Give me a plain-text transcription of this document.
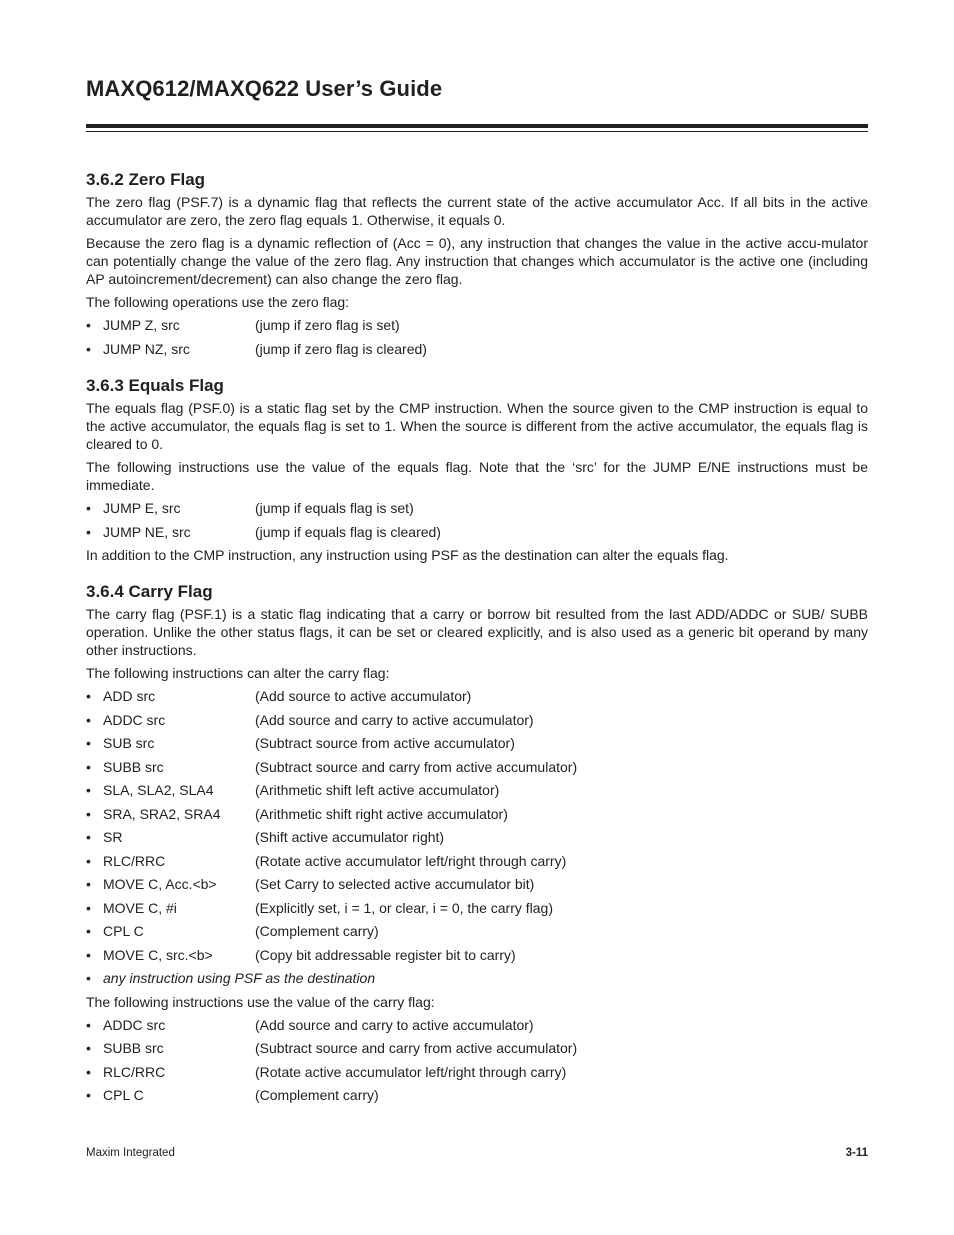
MAXQ612/MAXQ622 User’s Guide
3.6.2 Zero Flag

The zero flag (PSF.7) is a dynamic flag that reflects the current state of the active accumulator Acc. If all bits in the active accumulator are zero, the zero flag equals 1. Otherwise, it equals 0.

Because the zero flag is a dynamic reflection of (Acc = 0), any instruction that changes the value in the active accu-mulator can potentially change the value of the zero flag. Any instruction that changes which accumulator is the active one (including AP autoincrement/decrement) can also change the zero flag.

The following operations use the zero flag:

• JUMP Z, src	(jump if zero flag is set)
• JUMP NZ, src	(jump if zero flag is cleared)
3.6.3 Equals Flag

The equals flag (PSF.0) is a static flag set by the CMP instruction. When the source given to the CMP instruction is equal to the active accumulator, the equals flag is set to 1. When the source is different from the active accumulator, the equals flag is cleared to 0.

The following instructions use the value of the equals flag. Note that the ‘src’ for the JUMP E/NE instructions must be immediate.

• JUMP E, src	(jump if equals flag is set)
• JUMP NE, src	(jump if equals flag is cleared)

In addition to the CMP instruction, any instruction using PSF as the destination can alter the equals flag.

3.6.4 Carry Flag

The carry flag (PSF.1) is a static flag indicating that a carry or borrow bit resulted from the last ADD/ADDC or SUB/ SUBB operation. Unlike the other status flags, it can be set or cleared explicitly, and is also used as a generic bit operand by many other instructions.

The following instructions can alter the carry flag:

• ADD src	(Add source to active accumulator)
• ADDC src	(Add source and carry to active accumulator)
• SUB src	(Subtract source from active accumulator)
• SUBB src	(Subtract source and carry from active accumulator)
• SLA, SLA2, SLA4	(Arithmetic shift left active accumulator)
• SRA, SRA2, SRA4	(Arithmetic shift right active accumulator)
• SR	(Shift active accumulator right)
• RLC/RRC	(Rotate active accumulator left/right through carry)
• MOVE C, Acc.<b>	(Set Carry to selected active accumulator bit)
• MOVE C, #i	(Explicitly set, i = 1, or clear, i = 0, the carry flag)
• CPL C	(Complement carry)
• MOVE C, src.<b>	(Copy bit addressable register bit to carry)
• any instruction using PSF as the destination

The following instructions use the value of the carry flag:

• ADDC src	(Add source and carry to active accumulator)
• SUBB src	(Subtract source and carry from active accumulator)
• RLC/RRC	(Rotate active accumulator left/right through carry)
• CPL C	(Complement carry)
Maxim Integrated	3-11
